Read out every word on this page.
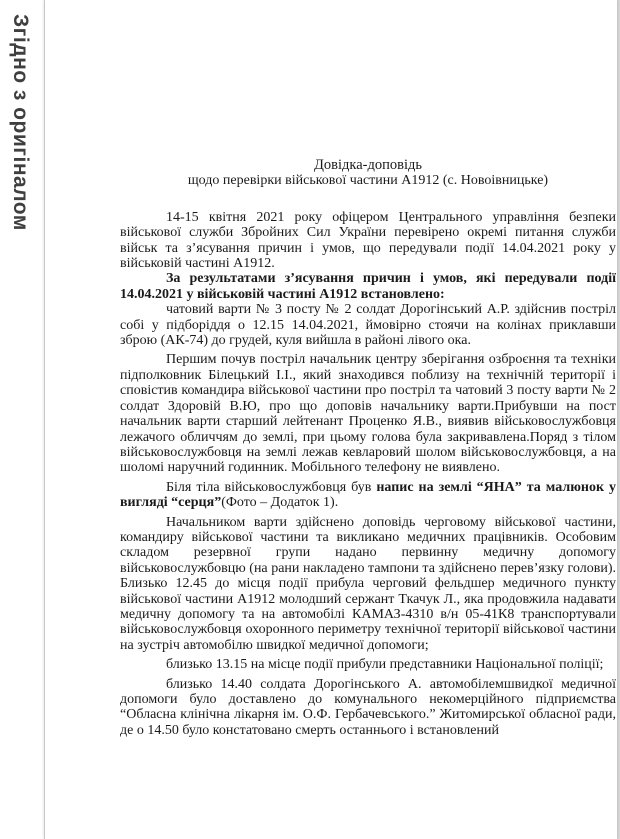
Згідно з оригіналом	Довідка-доповідь

щодо перевірки військової частини А1912 (с. Новоівницьке)

14-15 квітня 2021 року офіцером Центрального управління безпеки військової служби Збройних Сил України перевірено окремі питання служби військ та з’ясування причин і умов, що передували події 14.04.2021 року у військовій частині А1912.

За результатами з’ясування причин і умов, які передували події 14.04.2021 у військовій частині А1912 встановлено:

чатовий варти № 3 посту № 2 солдат Дорогінський А.Р. здійснив постріл собі у підборіддя о 12.15 14.04.2021, ймовірно стоячи на колінах приклавши зброю (АК-74) до грудей, куля вийшла в районі лівого ока.

Першим почув постріл начальник центру зберігання озброєння та техніки підполковник Білецький І.І., який знаходився поблизу на технічній території і сповістив командира військової частини про постріл та чатовий 3 посту варти № 2 солдат Здоровій В.Ю, про що доповів начальнику варти.Прибувши на пост начальник варти старший лейтенант Проценко Я.В., виявив військовослужбовця лежачого обличчям до землі, при цьому голова була закривавлена.Поряд з тілом військовослужбовця на землі лежав кевларовий шолом військовослужбовця, а на шоломі наручний годинник. Мобільного телефону не виявлено.

Біля тіла військовослужбовця був напис на землі “ЯНА” та малюнок у вигляді “серця”(Фото – Додаток 1).

Начальником варти здійснено доповідь черговому військової частини, командиру військової частини та викликано медичних працівників. Особовим складом резервної групи надано первинну медичну допомогу військовослужбовцю (на рани накладено тампони та здійснено перев’язку голови). Близько 12.45 до місця події прибула черговий фельдшер медичного пункту військової частини А1912 молодший сержант Ткачук Л., яка продовжила надавати медичну допомогу та на автомобілі КАМАЗ-4310 в/н 05-41К8 транспортували військовослужбовця охоронного периметру технічної території військової частини на зустріч автомобілю швидкої медичної допомоги;

близько 13.15 на місце події прибули представники Національної поліції;

близько 14.40 солдата Дорогінського А. автомобілемшвидкої медичної допомоги було доставлено до комунального некомерційного підприємства “Обласна клінічна лікарня ім. О.Ф. Гербачевського.” Житомирської обласної ради, де о 14.50 було констатовано смерть останнього і встановлений
